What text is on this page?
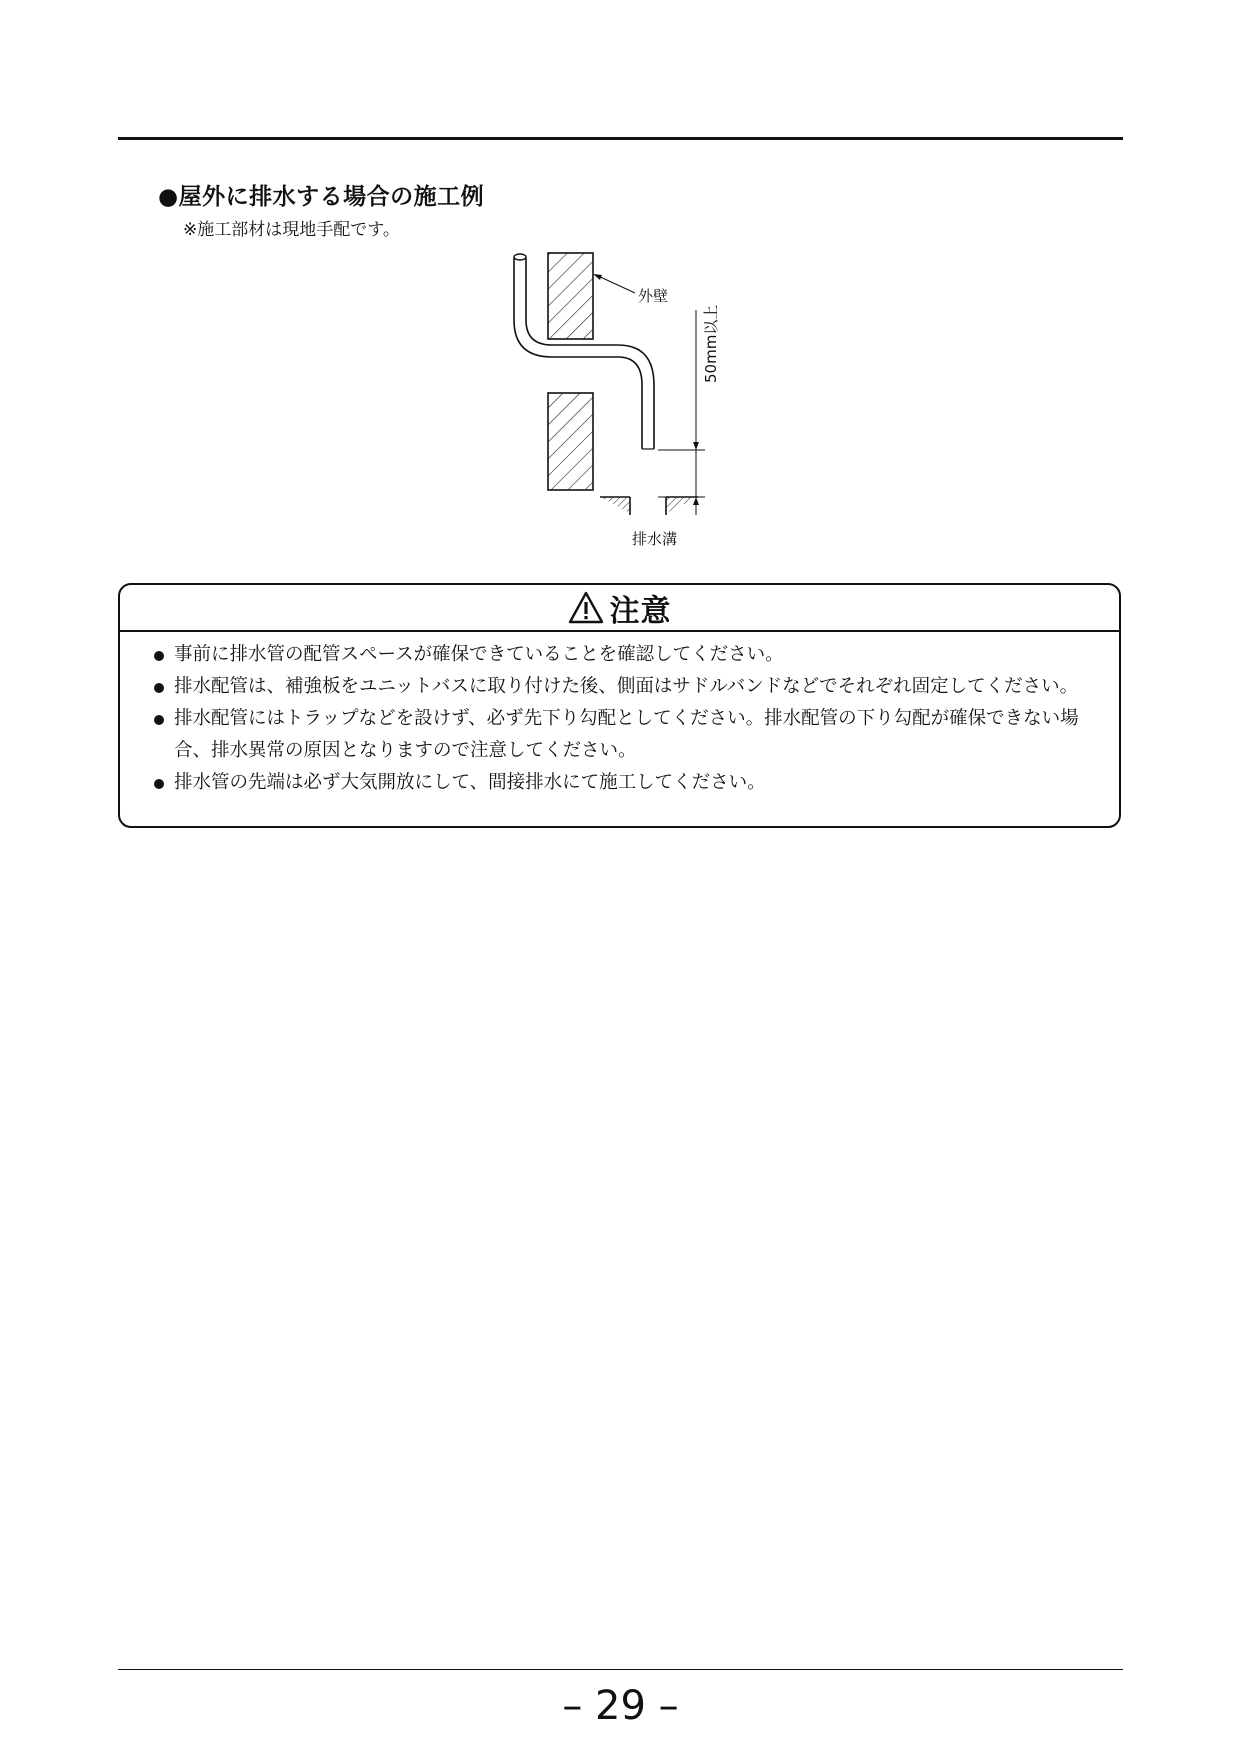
●屋外に排水する場合の施工例
※施工部材は現地手配です。
外壁
50mm以上
排水溝
注意
事前に排水管の配管スペースが確保できていることを確認してください。
排水配管は、補強板をユニットバスに取り付けた後、側面はサドルバンドなどでそれぞれ固定してください。
排水配管にはトラップなどを設けず、必ず先下り勾配としてください。排水配管の下り勾配が確保できない場合、排水異常の原因となりますので注意してください。
排水管の先端は必ず大気開放にして、間接排水にて施工してください。
– 29 –
